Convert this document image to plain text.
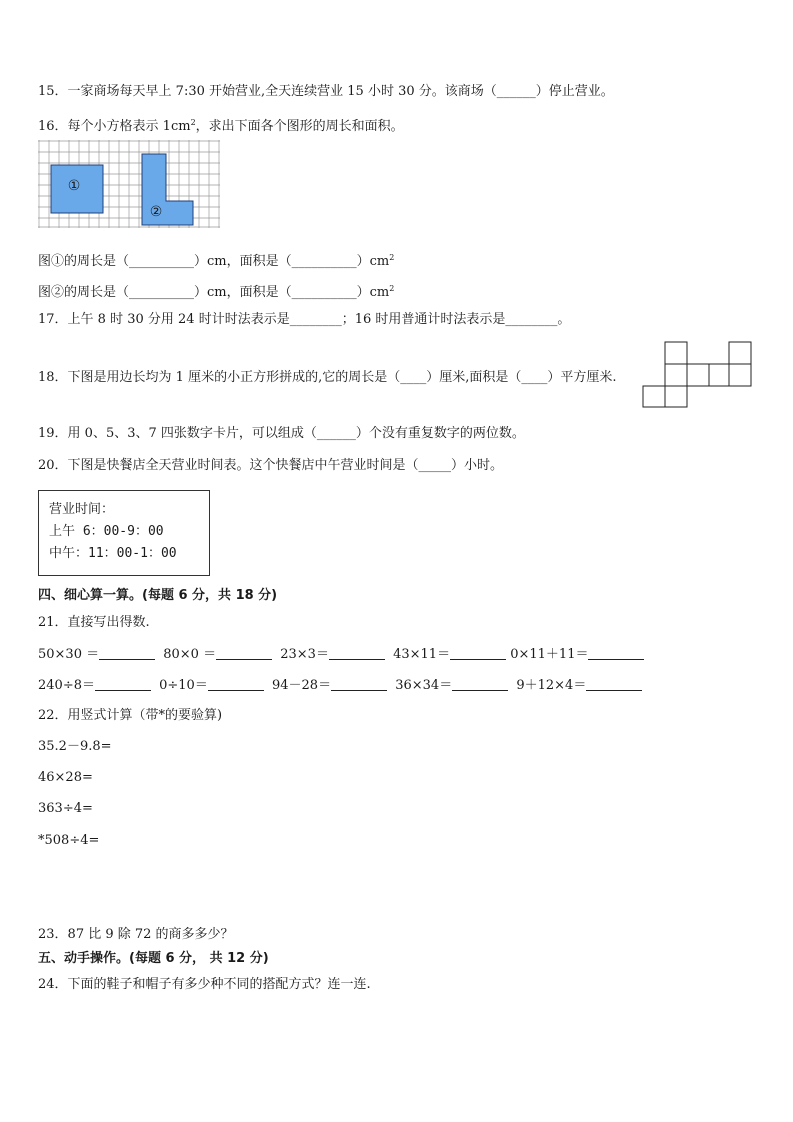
15．一家商场每天早上 7:30 开始营业,全天连续营业 15 小时 30 分。该商场（______）停止营业。
16．每个小方格表示 $1cm^2$，求出下面各个图形的周长和面积。
①
②
图①的周长是（__________）cm，面积是$(\_\_\_\_\_\_\_\_\_\_)cm^2$
图②的周长是（__________）cm，面积是$(\_\_\_\_\_\_\_\_\_\_)cm^2$
17．上午 8 时 30 分用 24 时计时法表示是________；16 时用普通计时法表示是________。
18．下图是用边长均为 1 厘米的小正方形拼成的,它的周长是（____）厘米,面积是（____）平方厘米.
19．用 0、5、3、7 四张数字卡片，可以组成（______）个没有重复数字的两位数。
20．下图是快餐店全天营业时间表。这个快餐店中午营业时间是（_____）小时。
营业时间：
上午 6：00-9：00
中午：11：00-1：00
四、细心算一算。(每题 6 分，共 18 分)
21．直接写出得数.
50×30 ＝	80×0 ＝	23×3＝	43×11＝	0×11＋11＝
240÷8＝	0÷10＝	94－28＝	36×34＝	9＋12×4＝
22．用竖式计算（带*的要验算)
35.2－9.8=
46×28=
363÷4=
*508÷4=
23．87 比 9 除 72 的商多多少？
五、动手操作。(每题 6 分， 共 12 分)
24．下面的鞋子和帽子有多少种不同的搭配方式？连一连.
